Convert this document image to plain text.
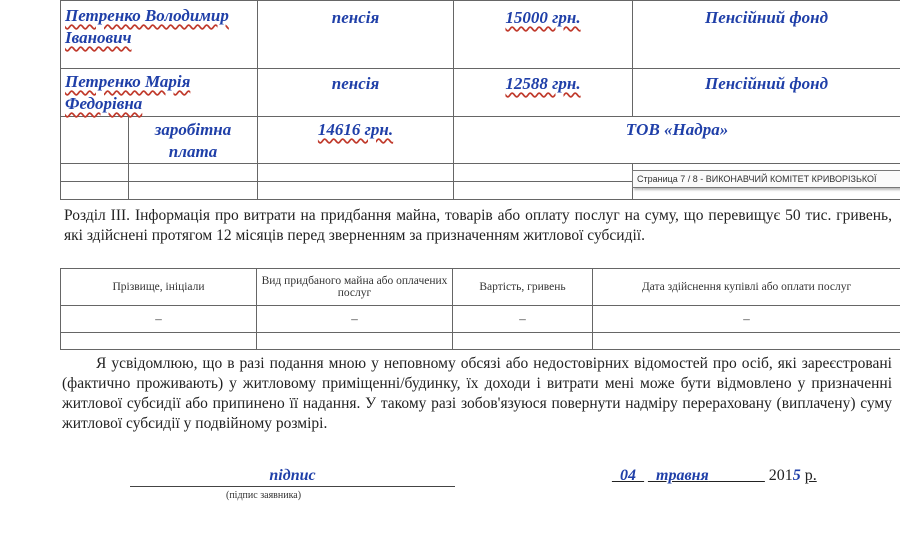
Петренко Володимир Іванович		пенсія	15000 грн.	Пенсійний фонд
Петренко Марія Федорівна		пенсія	12588 грн.	Пенсійний фонд
	заробітна плата	14616 грн.	ТОВ «Надра»	

Страница 7 / 8 - ВИКОНАВЧИЙ КОМІТЕТ КРИВОРІЗЬКОЇ
Розділ ІІІ. Інформація про витрати на придбання майна, товарів або оплату послуг на суму, що перевищує 50 тис. гривень, які здійснені протягом 12 місяців перед зверненням за призначенням житлової субсидії.
Прізвище, ініціали	Вид придбаного майна або оплачених послуг	Вартість, гривень	Дата здійснення купівлі або оплати послуг
–	–	–	–

Я усвідомлюю, що в разі подання мною у неповному обсязі або недостовірних відомостей про осіб, які зареєстровані (фактично проживають) у житловому приміщенні/будинку, їх доходи і витрати мені може бути відмовлено у призначенні житлової субсидії або припинено її надання. У такому разі зобов'язуюся повернути надміру перераховану (виплачену) суму житлової субсидії у подвійному розмірі.
підпис
(підпис заявника)
_04_ _травня_______ 2015 р.
